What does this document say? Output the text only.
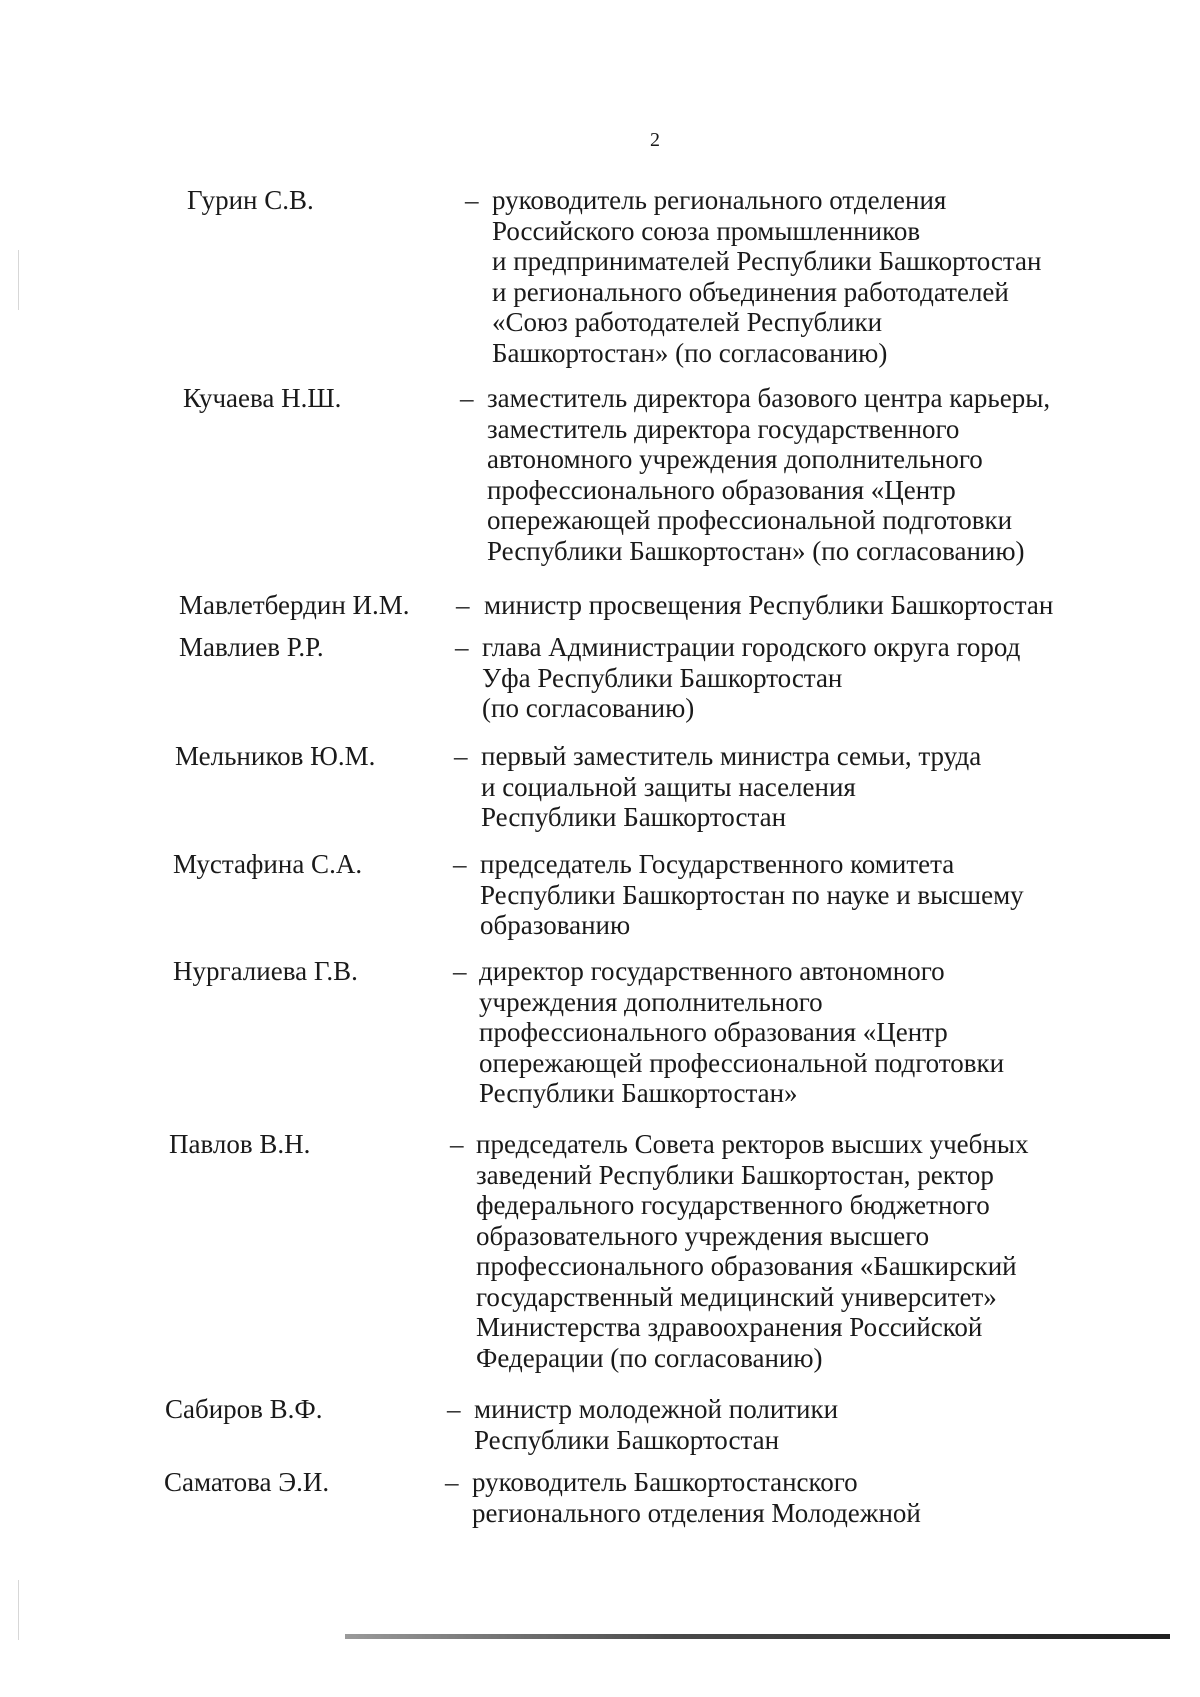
2
Гурин С.В.	– руководитель регионального отделения
Российского союза промышленников
и предпринимателей Республики Башкортостан
и регионального объединения работодателей
«Союз работодателей Республики
Башкортостан» (по согласованию)
Кучаева Н.Ш.	– заместитель директора базового центра карьеры,
заместитель директора государственного
автономного учреждения дополнительного
профессионального образования «Центр
опережающей профессиональной подготовки
Республики Башкортостан» (по согласованию)
Мавлетбердин И.М. – министр просвещения Республики Башкортостан
Мавлиев Р.Р.	– глава Администрации городского округа город
Уфа Республики Башкортостан
(по согласованию)
Мельников Ю.М.	– первый заместитель министра семьи, труда
и социальной защиты населения
Республики Башкортостан
Мустафина С.А.	– председатель Государственного комитета
Республики Башкортостан по науке и высшему
образованию
Нургалиева Г.В.	– директор государственного автономного
учреждения дополнительного
профессионального образования «Центр
опережающей профессиональной подготовки
Республики Башкортостан»
Павлов В.Н.	– председатель Совета ректоров высших учебных
заведений Республики Башкортостан, ректор
федерального государственного бюджетного
образовательного учреждения высшего
профессионального образования «Башкирский
государственный медицинский университет»
Министерства здравоохранения Российской
Федерации (по согласованию)
Сабиров В.Ф.	– министр молодежной политики
Республики Башкортостан
Саматова Э.И.	– руководитель Башкортостанского
регионального отделения Молодежной
